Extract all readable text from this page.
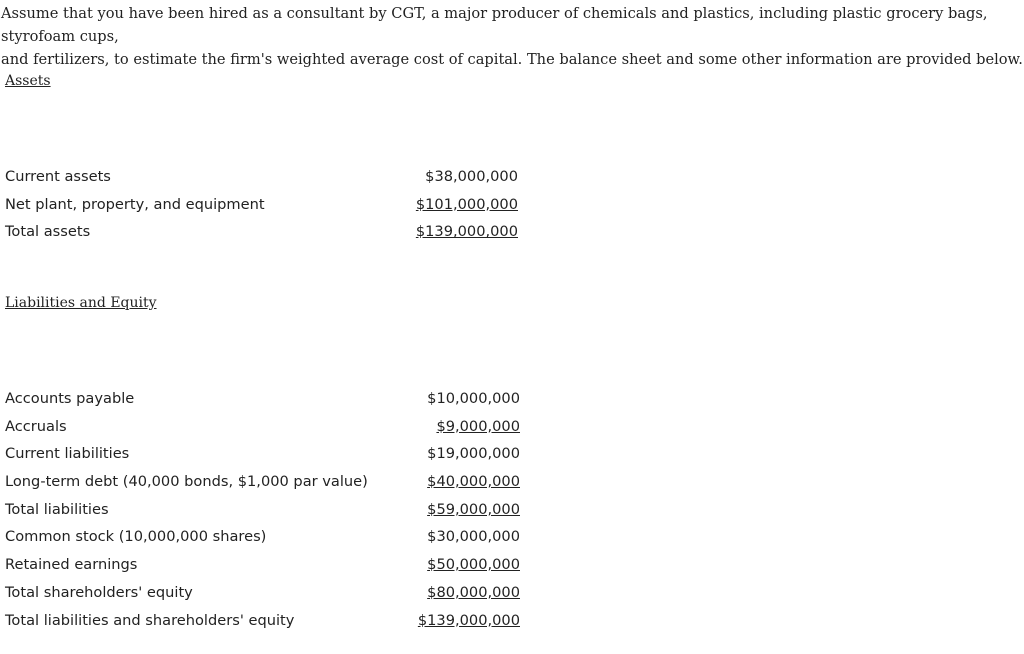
Assume that you have been hired as a consultant by CGT, a major producer of chemicals and plastics, including plastic grocery bags, styrofoam cups,
and fertilizers, to estimate the firm's weighted average cost of capital. The balance sheet and some other information are provided below.

Assets
Current assets	$38,000,000
Net plant, property, and equipment	$101,000,000
Total assets	$139,000,000
Liabilities and Equity
Accounts payable	$10,000,000
Accruals	$9,000,000
Current liabilities	$19,000,000
Long-term debt (40,000 bonds, $1,000 par value)	$40,000,000
Total liabilities	$59,000,000
Common stock (10,000,000 shares)	$30,000,000
Retained earnings	$50,000,000
Total shareholders' equity	$80,000,000
Total liabilities and shareholders' equity	$139,000,000
